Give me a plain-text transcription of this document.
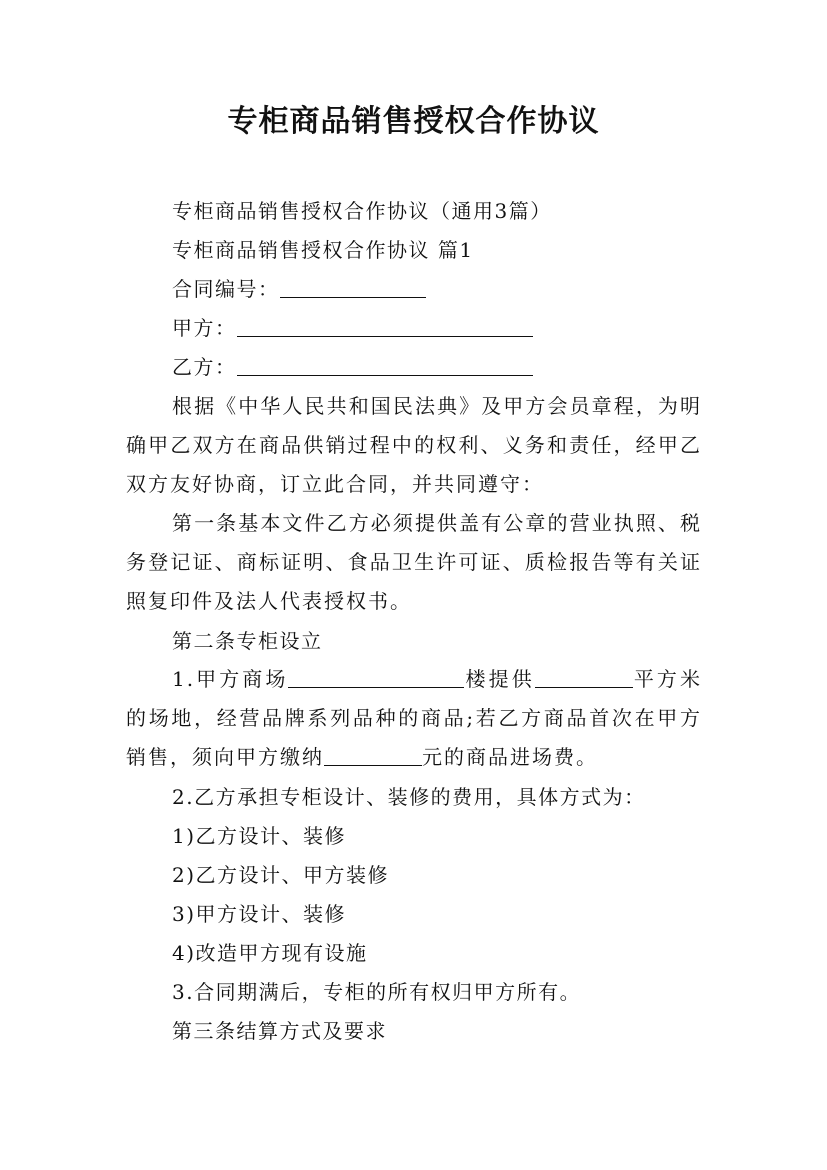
专柜商品销售授权合作协议
专柜商品销售授权合作协议（通用3篇）
专柜商品销售授权合作协议 篇1
合同编号：
甲方：
乙方：

根据《中华人民共和国民法典》及甲方会员章程，为明确甲乙双方在商品供销过程中的权利、义务和责任，经甲乙双方友好协商，订立此合同，并共同遵守：

第一条基本文件乙方必须提供盖有公章的营业执照、税务登记证、商标证明、食品卫生许可证、质检报告等有关证照复印件及法人代表授权书。

第二条专柜设立

1.甲方商场	楼提供	平方米的场地，经营品牌系列品种的商品;若乙方商品首次在甲方销售，须向甲方缴纳	元的商品进场费。

2.乙方承担专柜设计、装修的费用，具体方式为：
1)乙方设计、装修
2)乙方设计、甲方装修
3)甲方设计、装修
4)改造甲方现有设施
3.合同期满后，专柜的所有权归甲方所有。
第三条结算方式及要求
